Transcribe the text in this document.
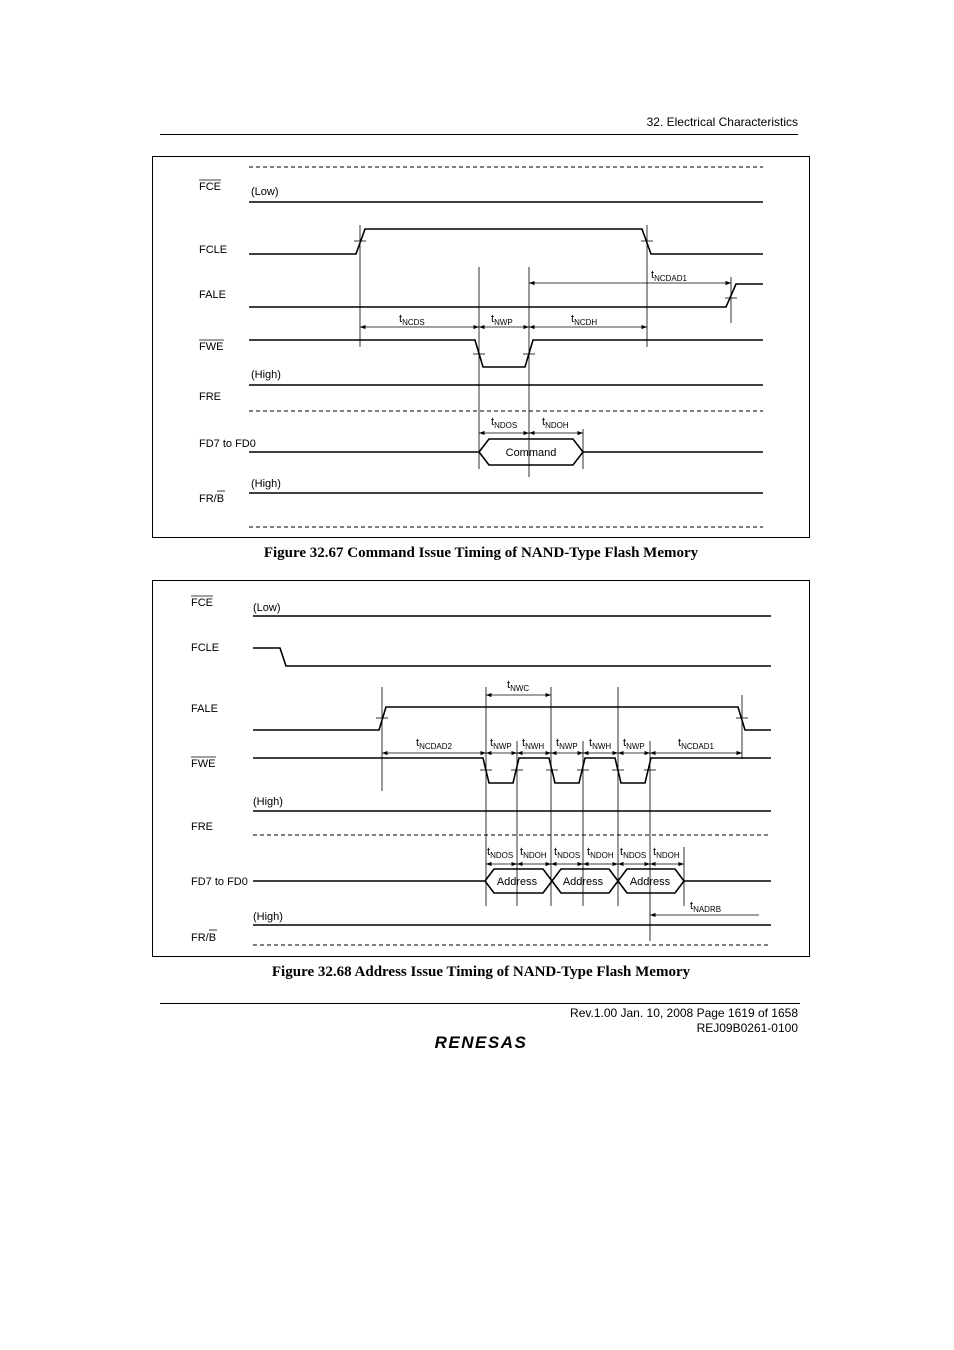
32. Electrical Characteristics
FCE
FCLE
FALE
FWE
FRE
FD7 to FD0
FR/B
(Low)
(High)
(High)
Command
$t_{NCDAD1}$
$t_{NCDS}$	$t_{NWP}$	$t_{NCDH}$
$t_{NDOS}$ $t_{NDOH}$
Figure 32.67 Command Issue Timing of NAND-Type Flash Memory
FCE
FCLE
FALE
FWE
FRE
FD7 to FD0
FR/B
(Low)
(High)
(High)
Address Address Address
$t_{NWC}$
$t_{NCDAD2}$	$t_{NWP}$ $t_{NWH}$ $t_{NWP}$ $t_{NWH}$ $t_{NWP}$	$t_{NCDAD1}$
$t_{NDOS}$ $t_{NDOH}$ $t_{NDOS}$ $t_{NDOH}$ $t_{NDOS}$ $t_{NDOH}$
$t_{NADRB}$
Figure 32.68 Address Issue Timing of NAND-Type Flash Memory
Rev.1.00 Jan. 10, 2008 Page 1619 of 1658
REJ09B0261-0100
RENESAS
